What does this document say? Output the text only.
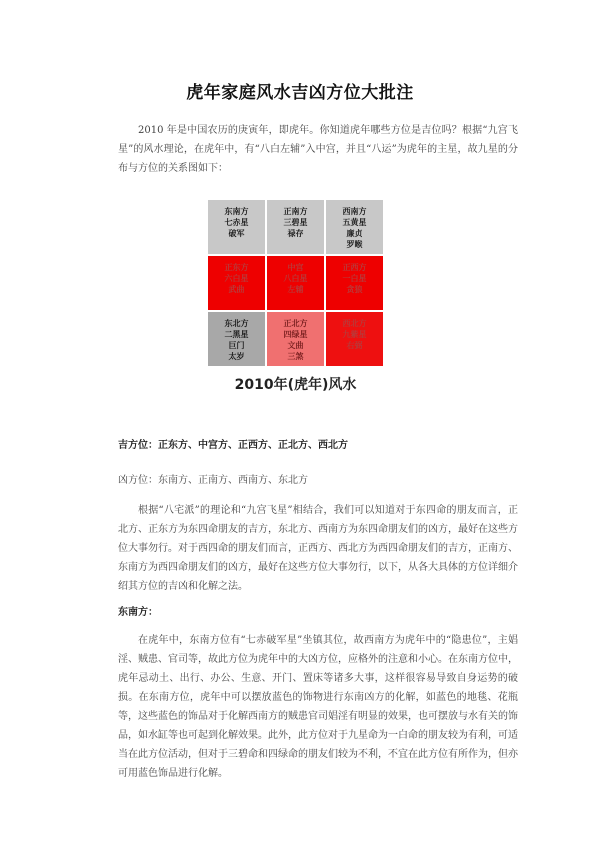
虎年家庭风水吉凶方位大批注

2010 年是中国农历的庚寅年，即虎年。你知道虎年哪些方位是吉位吗？根据“九宫飞星”的风水理论，在虎年中，有“八白左辅”入中宫，并且“八运”为虎年的主星，故九星的分布与方位的关系图如下：

东南方
七赤星
破军
正南方
三碧星
禄存
西南方
五黄星
廉贞
罗睺
正东方
六白星
武曲
中宫
八白星
左辅
正西方
一白星
贪狼
东北方
二黑星
巨门
太岁
正北方
四绿星
文曲
三煞
西北方
九紫星
右弼
2010年(虎年)风水
吉方位：正东方、中宫方、正西方、正北方、西北方
凶方位：东南方、正南方、西南方、东北方

根据“八宅派”的理论和“九宫飞星”相结合，我们可以知道对于东四命的朋友而言，正北方、正东方为东四命朋友的吉方，东北方、西南方为东四命朋友们的凶方，最好在这些方位大事勿行。对于西四命的朋友们而言，正西方、西北方为西四命朋友们的吉方，正南方、东南方为西四命朋友们的凶方，最好在这些方位大事勿行，以下，从各大具体的方位详细介绍其方位的吉凶和化解之法。

东南方：

在虎年中，东南方位有“七赤破军星”坐镇其位，故西南方为虎年中的“隐患位”，主娼淫、贼患、官司等，故此方位为虎年中的大凶方位，应格外的注意和小心。在东南方位中，虎年忌动土、出行、办公、生意、开门、置床等诸多大事，这样很容易导致自身运势的破损。在东南方位，虎年中可以摆放蓝色的饰物进行东南凶方的化解，如蓝色的地毯、花瓶等，这些蓝色的饰品对于化解西南方的贼患官司娼淫有明显的效果，也可摆放与水有关的饰品，如水缸等也可起到化解效果。此外，此方位对于九星命为一白命的朋友较为有利，可适当在此方位活动，但对于三碧命和四绿命的朋友们较为不利，不宜在此方位有所作为，但亦可用蓝色饰品进行化解。
